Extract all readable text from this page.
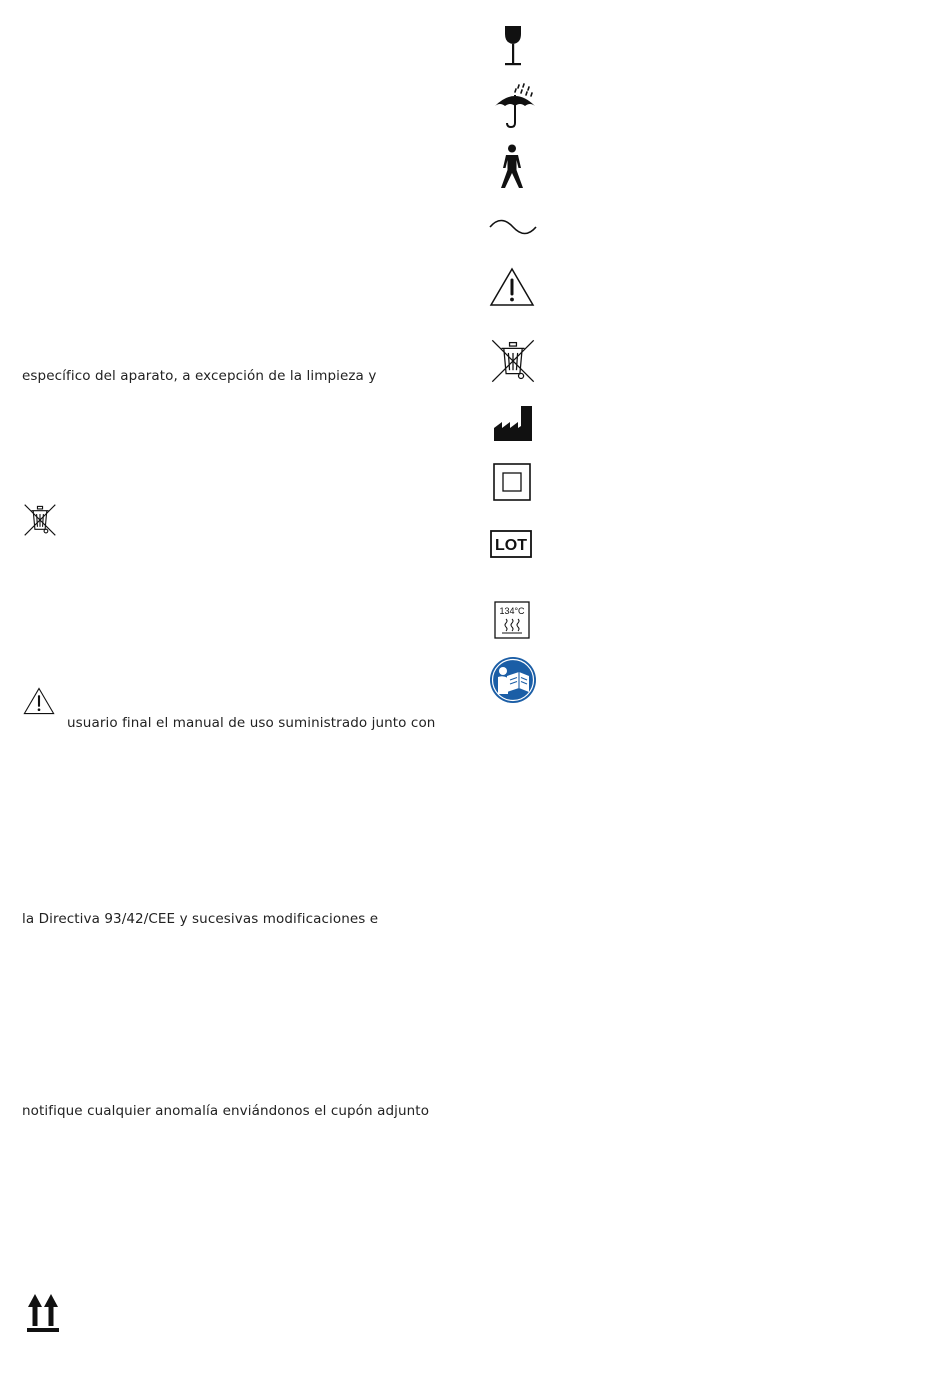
específico del aparato, a excepción de la limpieza y
usuario final el manual de uso suministrado junto con
la Directiva 93/42/CEE y sucesivas modificaciones e
notifique cualquier anomalía enviándonos el cupón adjunto
LOT
134°C
